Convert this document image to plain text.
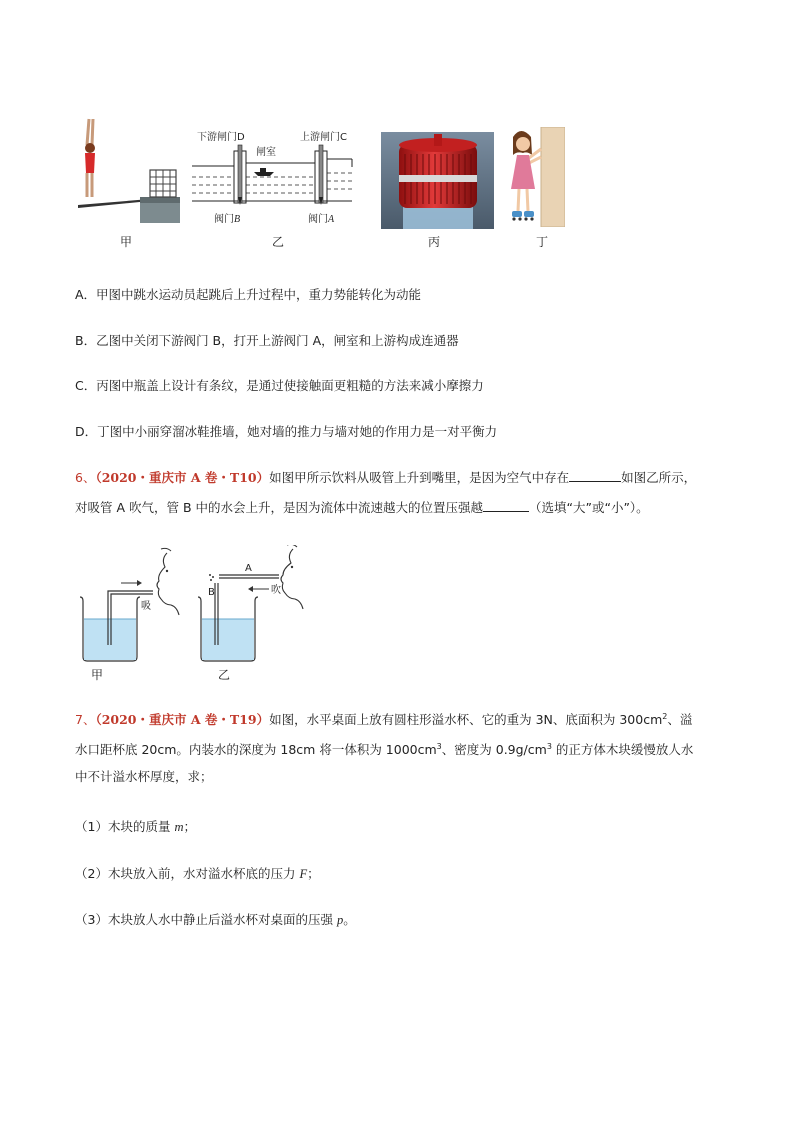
甲
下游闸门D	上游闸门C
闸室
阀门B	阀门A
乙	丙	丁
A．甲图中跳水运动员起跳后上升过程中，重力势能转化为动能
B．乙图中关闭下游阀门 B，打开上游阀门 A，闸室和上游构成连通器
C．丙图中瓶盖上设计有条纹，是通过使接触面更粗糙的方法来减小摩擦力
D．丁图中小丽穿溜冰鞋推墙，她对墙的推力与墙对她的作用力是一对平衡力
6、（2020・重庆市 A 卷・T10）如图甲所示饮料从吸管上升到嘴里，是因为空气中存在	如图乙所示，
对吸管 A 吹气，管 B 中的水会上升，是因为流体中流速越大的位置压强越	（选填“大”或“小”）。
吸
甲
A
B	吹
乙
7、（2020・重庆市 A 卷・T19）如图，水平桌面上放有圆柱形溢水杯、它的重为 3N、底面积为 $300cm^2$、溢
水口距杯底 20cm。内装水的深度为 18cm 将一体积为 $1000cm^3$、密度为 $0.9g/cm^3$ 的正方体木块缓慢放人水
中不计溢水杯厚度，求；
（1）木块的质量 m；
（2）木块放入前，水对溢水杯底的压力 F；
（3）木块放人水中静止后溢水杯对桌面的压强 p。
